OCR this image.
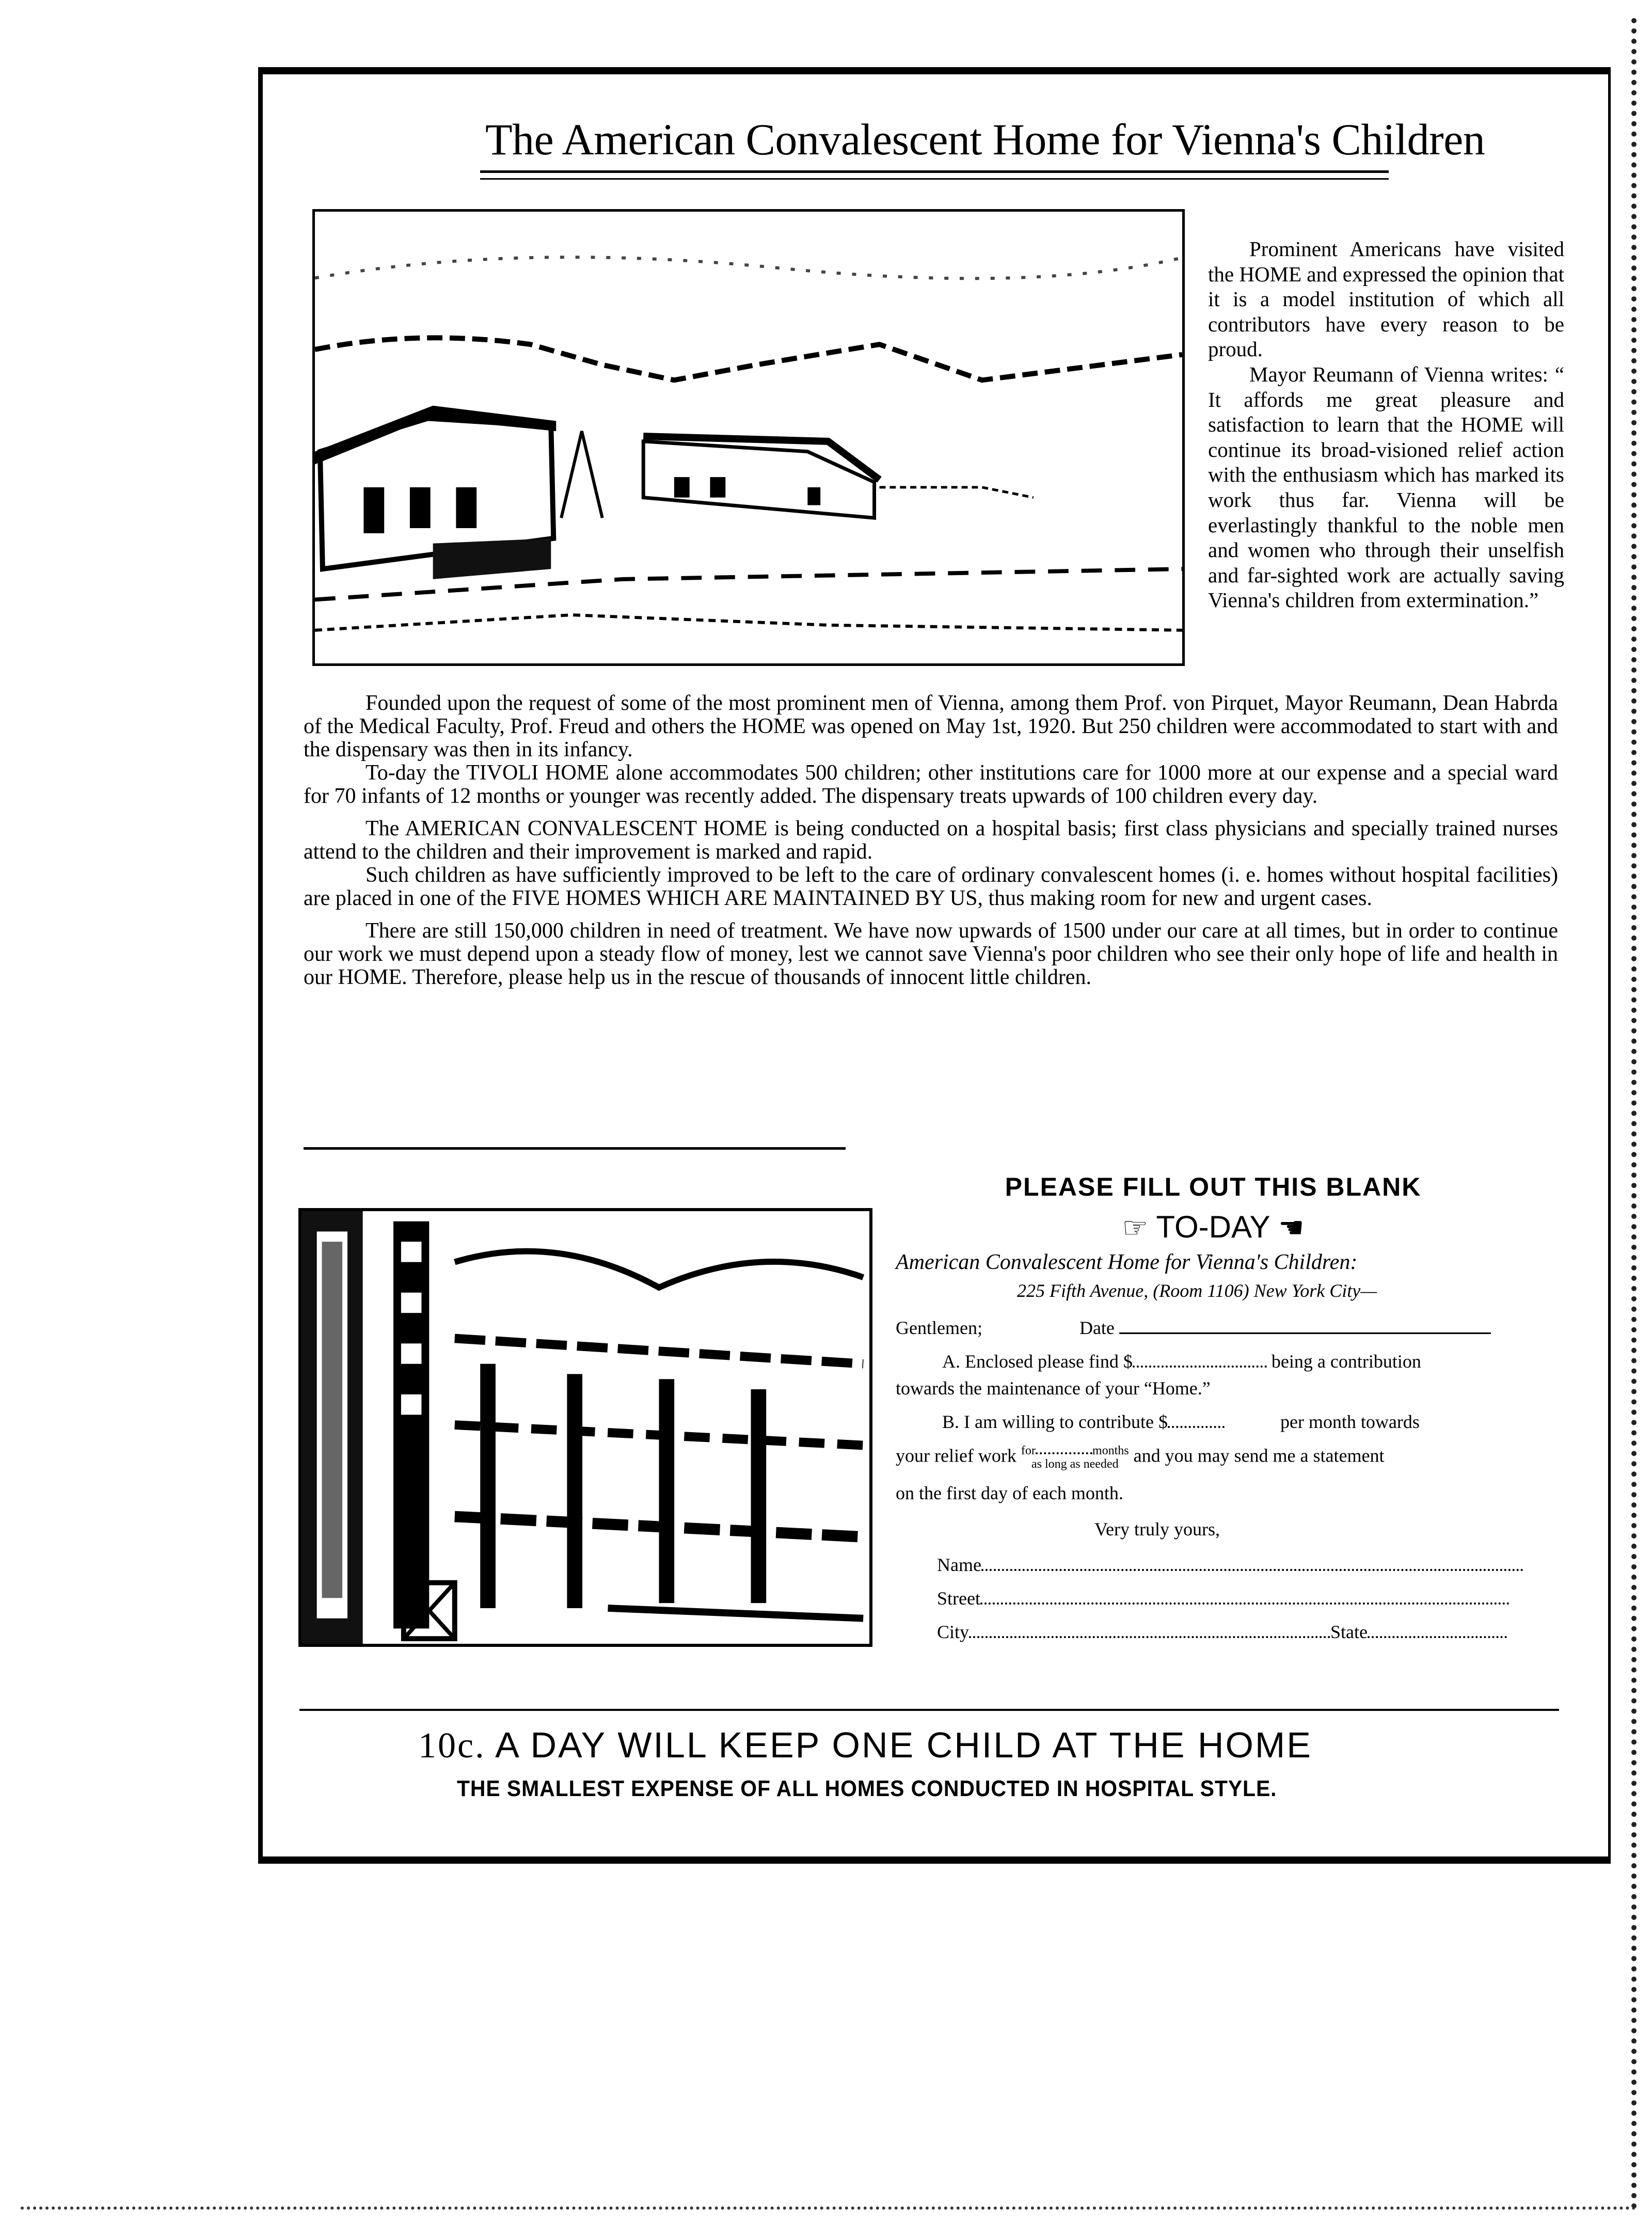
The American Convalescent Home for Vienna's Children

Prominent Americans have visited the HOME and expressed the opinion that it is a model institution of which all contributors have every reason to be proud.

Mayor Reumann of Vienna writes: “ It affords me great pleasure and satisfaction to learn that the HOME will continue its broad-visioned relief action with the enthusiasm which has marked its work thus far. Vienna will be everlastingly thankful to the noble men and women who through their unselfish and far-sighted work are actually saving Vienna's children from extermination.”

Founded upon the request of some of the most prominent men of Vienna, among them Prof. von Pirquet, Mayor Reumann, Dean Habrda of the Medical Faculty, Prof. Freud and others the HOME was opened on May 1st, 1920. But 250 children were accommodated to start with and the dispensary was then in its infancy.

To-day the TIVOLI HOME alone accommodates 500 children; other institutions care for 1000 more at our expense and a special ward for 70 infants of 12 months or younger was recently added. The dispensary treats upwards of 100 children every day.

The AMERICAN CONVALESCENT HOME is being conducted on a hospital basis; first class physicians and specially trained nurses attend to the children and their improvement is marked and rapid.

Such children as have sufficiently improved to be left to the care of ordinary convalescent homes (i. e. homes without hospital facilities) are placed in one of the FIVE HOMES WHICH ARE MAINTAINED BY US, thus making room for new and urgent cases.

There are still 150,000 children in need of treatment. We have now upwards of 1500 under our care at all times, but in order to continue our work we must depend upon a steady flow of money, lest we cannot save Vienna's poor children who see their only hope of life and health in our HOME. Therefore, please help us in the rescue of thousands of innocent little children.

PLEASE FILL OUT THIS BLANK
☞ TO-DAY ☚
American Convalescent Home for Vienna's Children:
225 Fifth Avenue, (Room 1106) New York City—
Gentlemen;	Date
A. Enclosed please find $	being a contribution
towards the maintenance of your “Home.”
B. I am willing to contribute $	per month towards
your relief work for	months
as long as needed and you may send me a statement
on the first day of each month.
Very truly yours,
Name
Street
City	State
10c. A DAY WILL KEEP ONE CHILD AT THE HOME
THE SMALLEST EXPENSE OF ALL HOMES CONDUCTED IN HOSPITAL STYLE.
